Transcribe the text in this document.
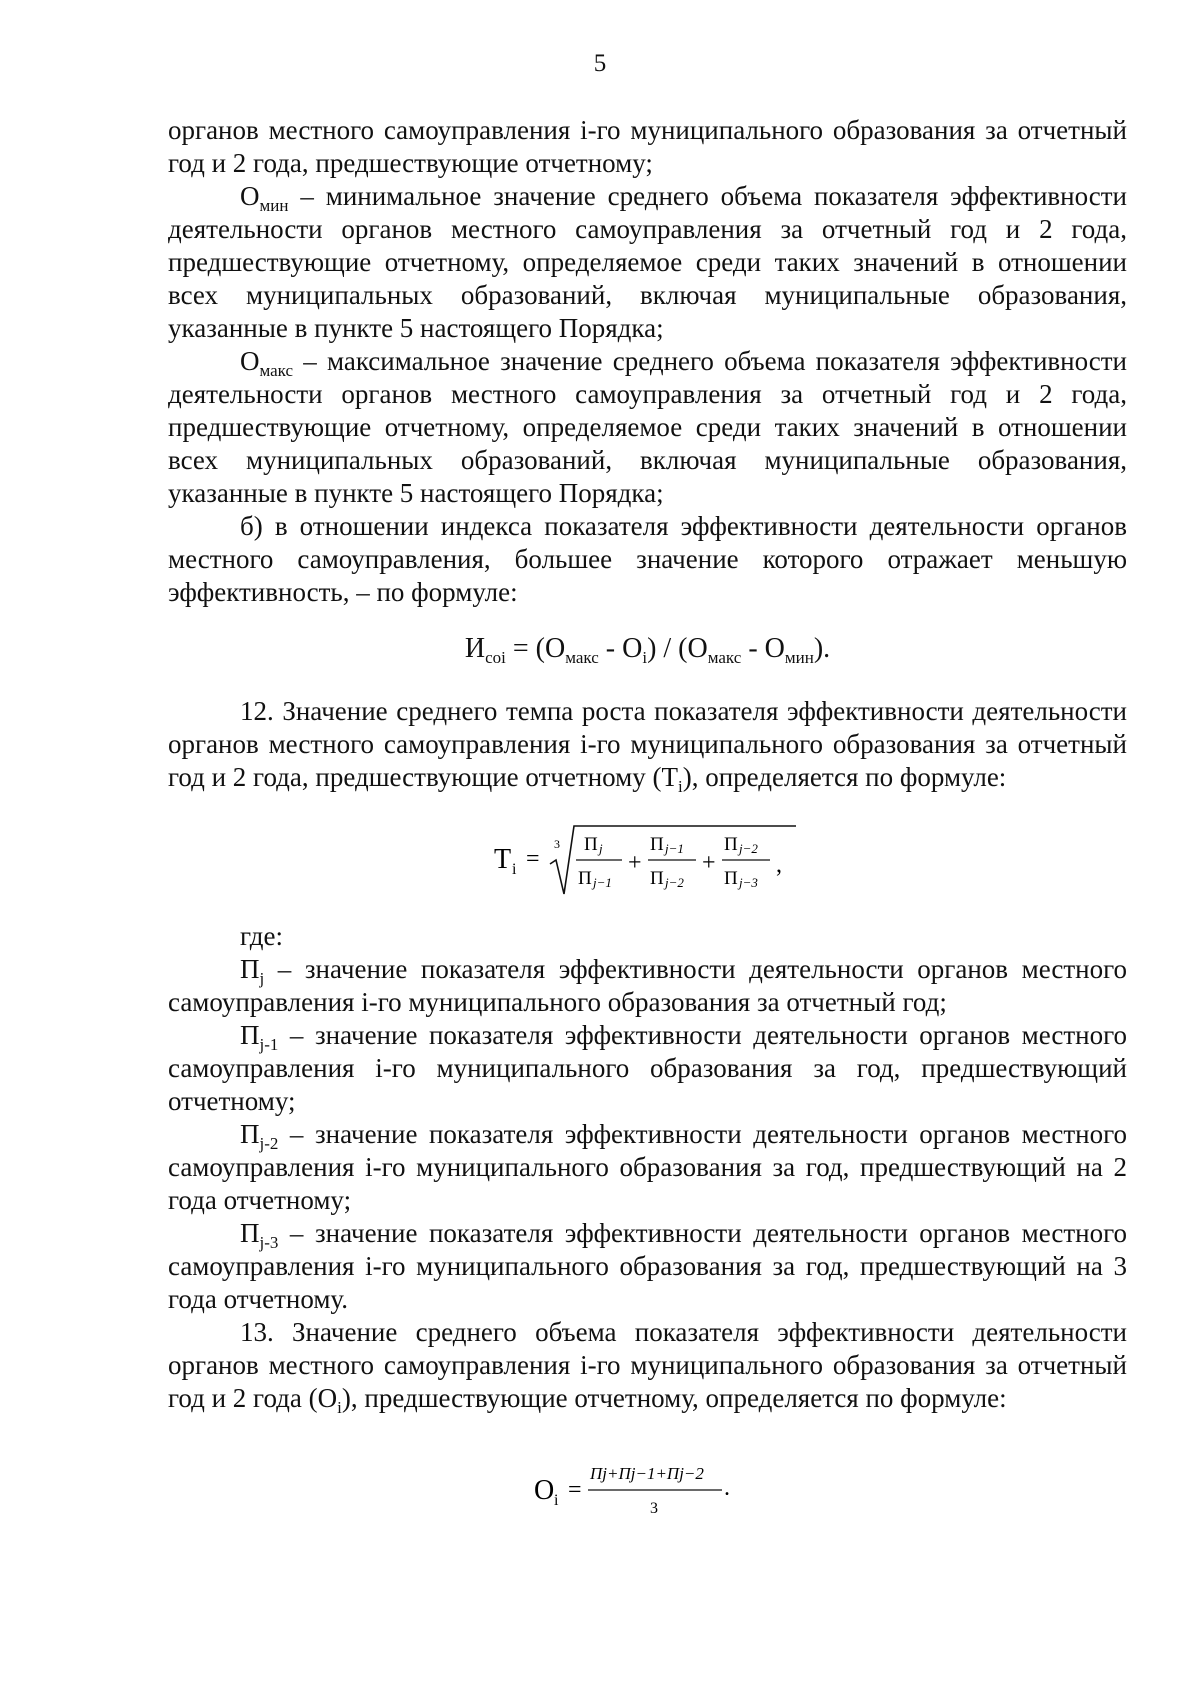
5

органов местного самоуправления i-го муниципального образования за отчетный год и 2 года, предшествующие отчетному;

$О_{мин}$ – минимальное значение среднего объема показателя эффективности деятельности органов местного самоуправления за отчетный год и 2 года, предшествующие отчетному, определяемое среди таких значений в отношении всех муниципальных образований, включая муниципальные образования, указанные в пункте 5 настоящего Порядка;

$О_{макс}$ – максимальное значение среднего объема показателя эффективности деятельности органов местного самоуправления за отчетный год и 2 года, предшествующие отчетному, определяемое среди таких значений в отношении всех муниципальных образований, включая муниципальные образования, указанные в пункте 5 настоящего Порядка;

б) в отношении индекса показателя эффективности деятельности органов местного самоуправления, большее значение которого отражает меньшую эффективность, – по формуле:

$И_{coi} = (О_{макс} - О_i) / (О_{макс} - О_{мин})$.

12. Значение среднего темпа роста показателя эффективности деятельности органов местного самоуправления i-го муниципального образования за отчетный год и 2 года, предшествующие отчетному $(Т_i)$, определяется по формуле:

T i =
3 П j
П j−1
+
П j−1
П j−2
+
П j−2
П j−3
,

где:

$П_j$ – значение показателя эффективности деятельности органов местного самоуправления i-го муниципального образования за отчетный год;

$П_{j-1}$ – значение показателя эффективности деятельности органов местного самоуправления i-го муниципального образования за год, предшествующий отчетному;

$П_{j-2}$ – значение показателя эффективности деятельности органов местного самоуправления i-го муниципального образования за год, предшествующий на 2 года отчетному;

$П_{j-3}$ – значение показателя эффективности деятельности органов местного самоуправления i-го муниципального образования за год, предшествующий на 3 года отчетному.

13. Значение среднего объема показателя эффективности деятельности органов местного самоуправления i-го муниципального образования за отчетный год и 2 года $(О_i)$, предшествующие отчетному, определяется по формуле:

O i =
Пj+Пj−1+Пj−2
3
.
